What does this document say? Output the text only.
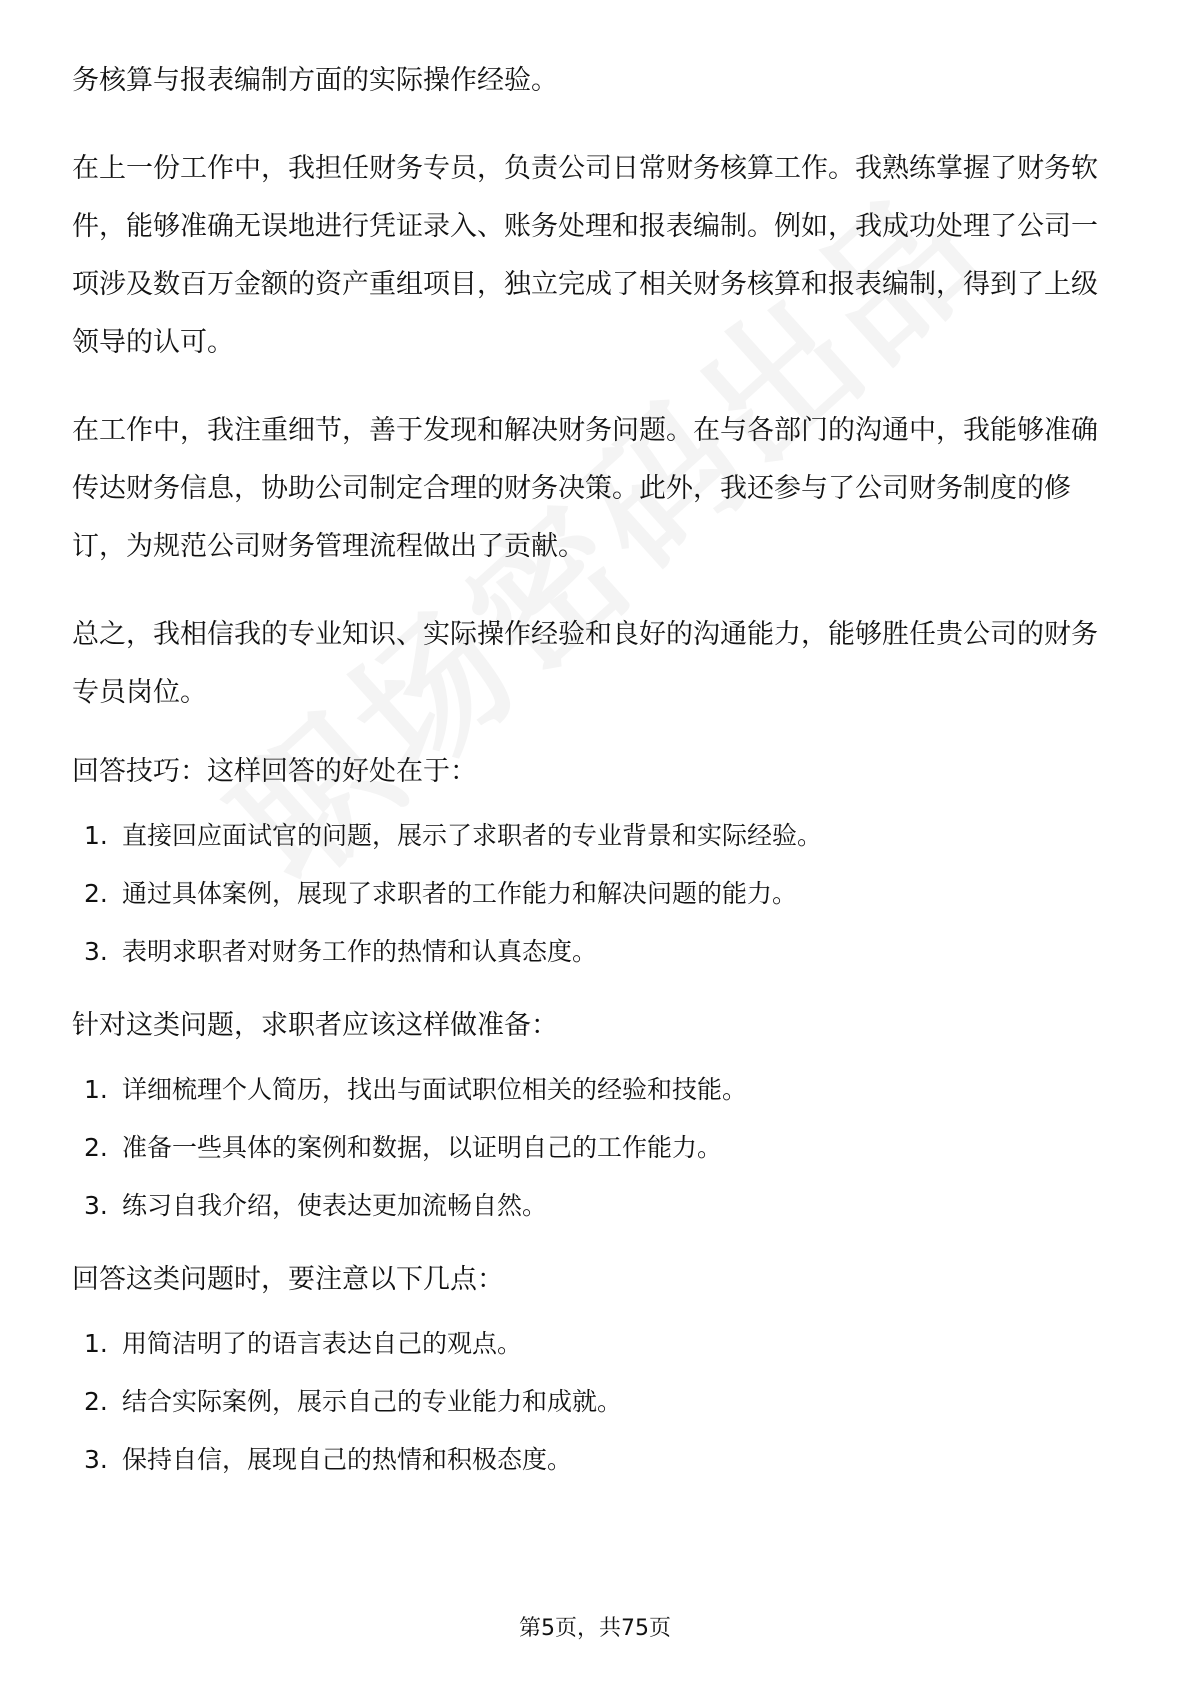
务核算与报表编制方面的实际操作经验。

在上一份工作中，我担任财务专员，负责公司日常财务核算工作。我熟练掌握了财务软件，能够准确无误地进行凭证录入、账务处理和报表编制。例如，我成功处理了公司一项涉及数百万金额的资产重组项目，独立完成了相关财务核算和报表编制，得到了上级领导的认可。

在工作中，我注重细节，善于发现和解决财务问题。在与各部门的沟通中，我能够准确传达财务信息，协助公司制定合理的财务决策。此外，我还参与了公司财务制度的修订，为规范公司财务管理流程做出了贡献。

总之，我相信我的专业知识、实际操作经验和良好的沟通能力，能够胜任贵公司的财务专员岗位。

回答技巧：这样回答的好处在于：

1. 直接回应面试官的问题，展示了求职者的专业背景和实际经验。
2. 通过具体案例，展现了求职者的工作能力和解决问题的能力。
3. 表明求职者对财务工作的热情和认真态度。

针对这类问题，求职者应该这样做准备：

1. 详细梳理个人简历，找出与面试职位相关的经验和技能。
2. 准备一些具体的案例和数据，以证明自己的工作能力。
3. 练习自我介绍，使表达更加流畅自然。

回答这类问题时，要注意以下几点：

1. 用简洁明了的语言表达自己的观点。
2. 结合实际案例，展示自己的专业能力和成就。
3. 保持自信，展现自己的热情和积极态度。
第5页，共75页
